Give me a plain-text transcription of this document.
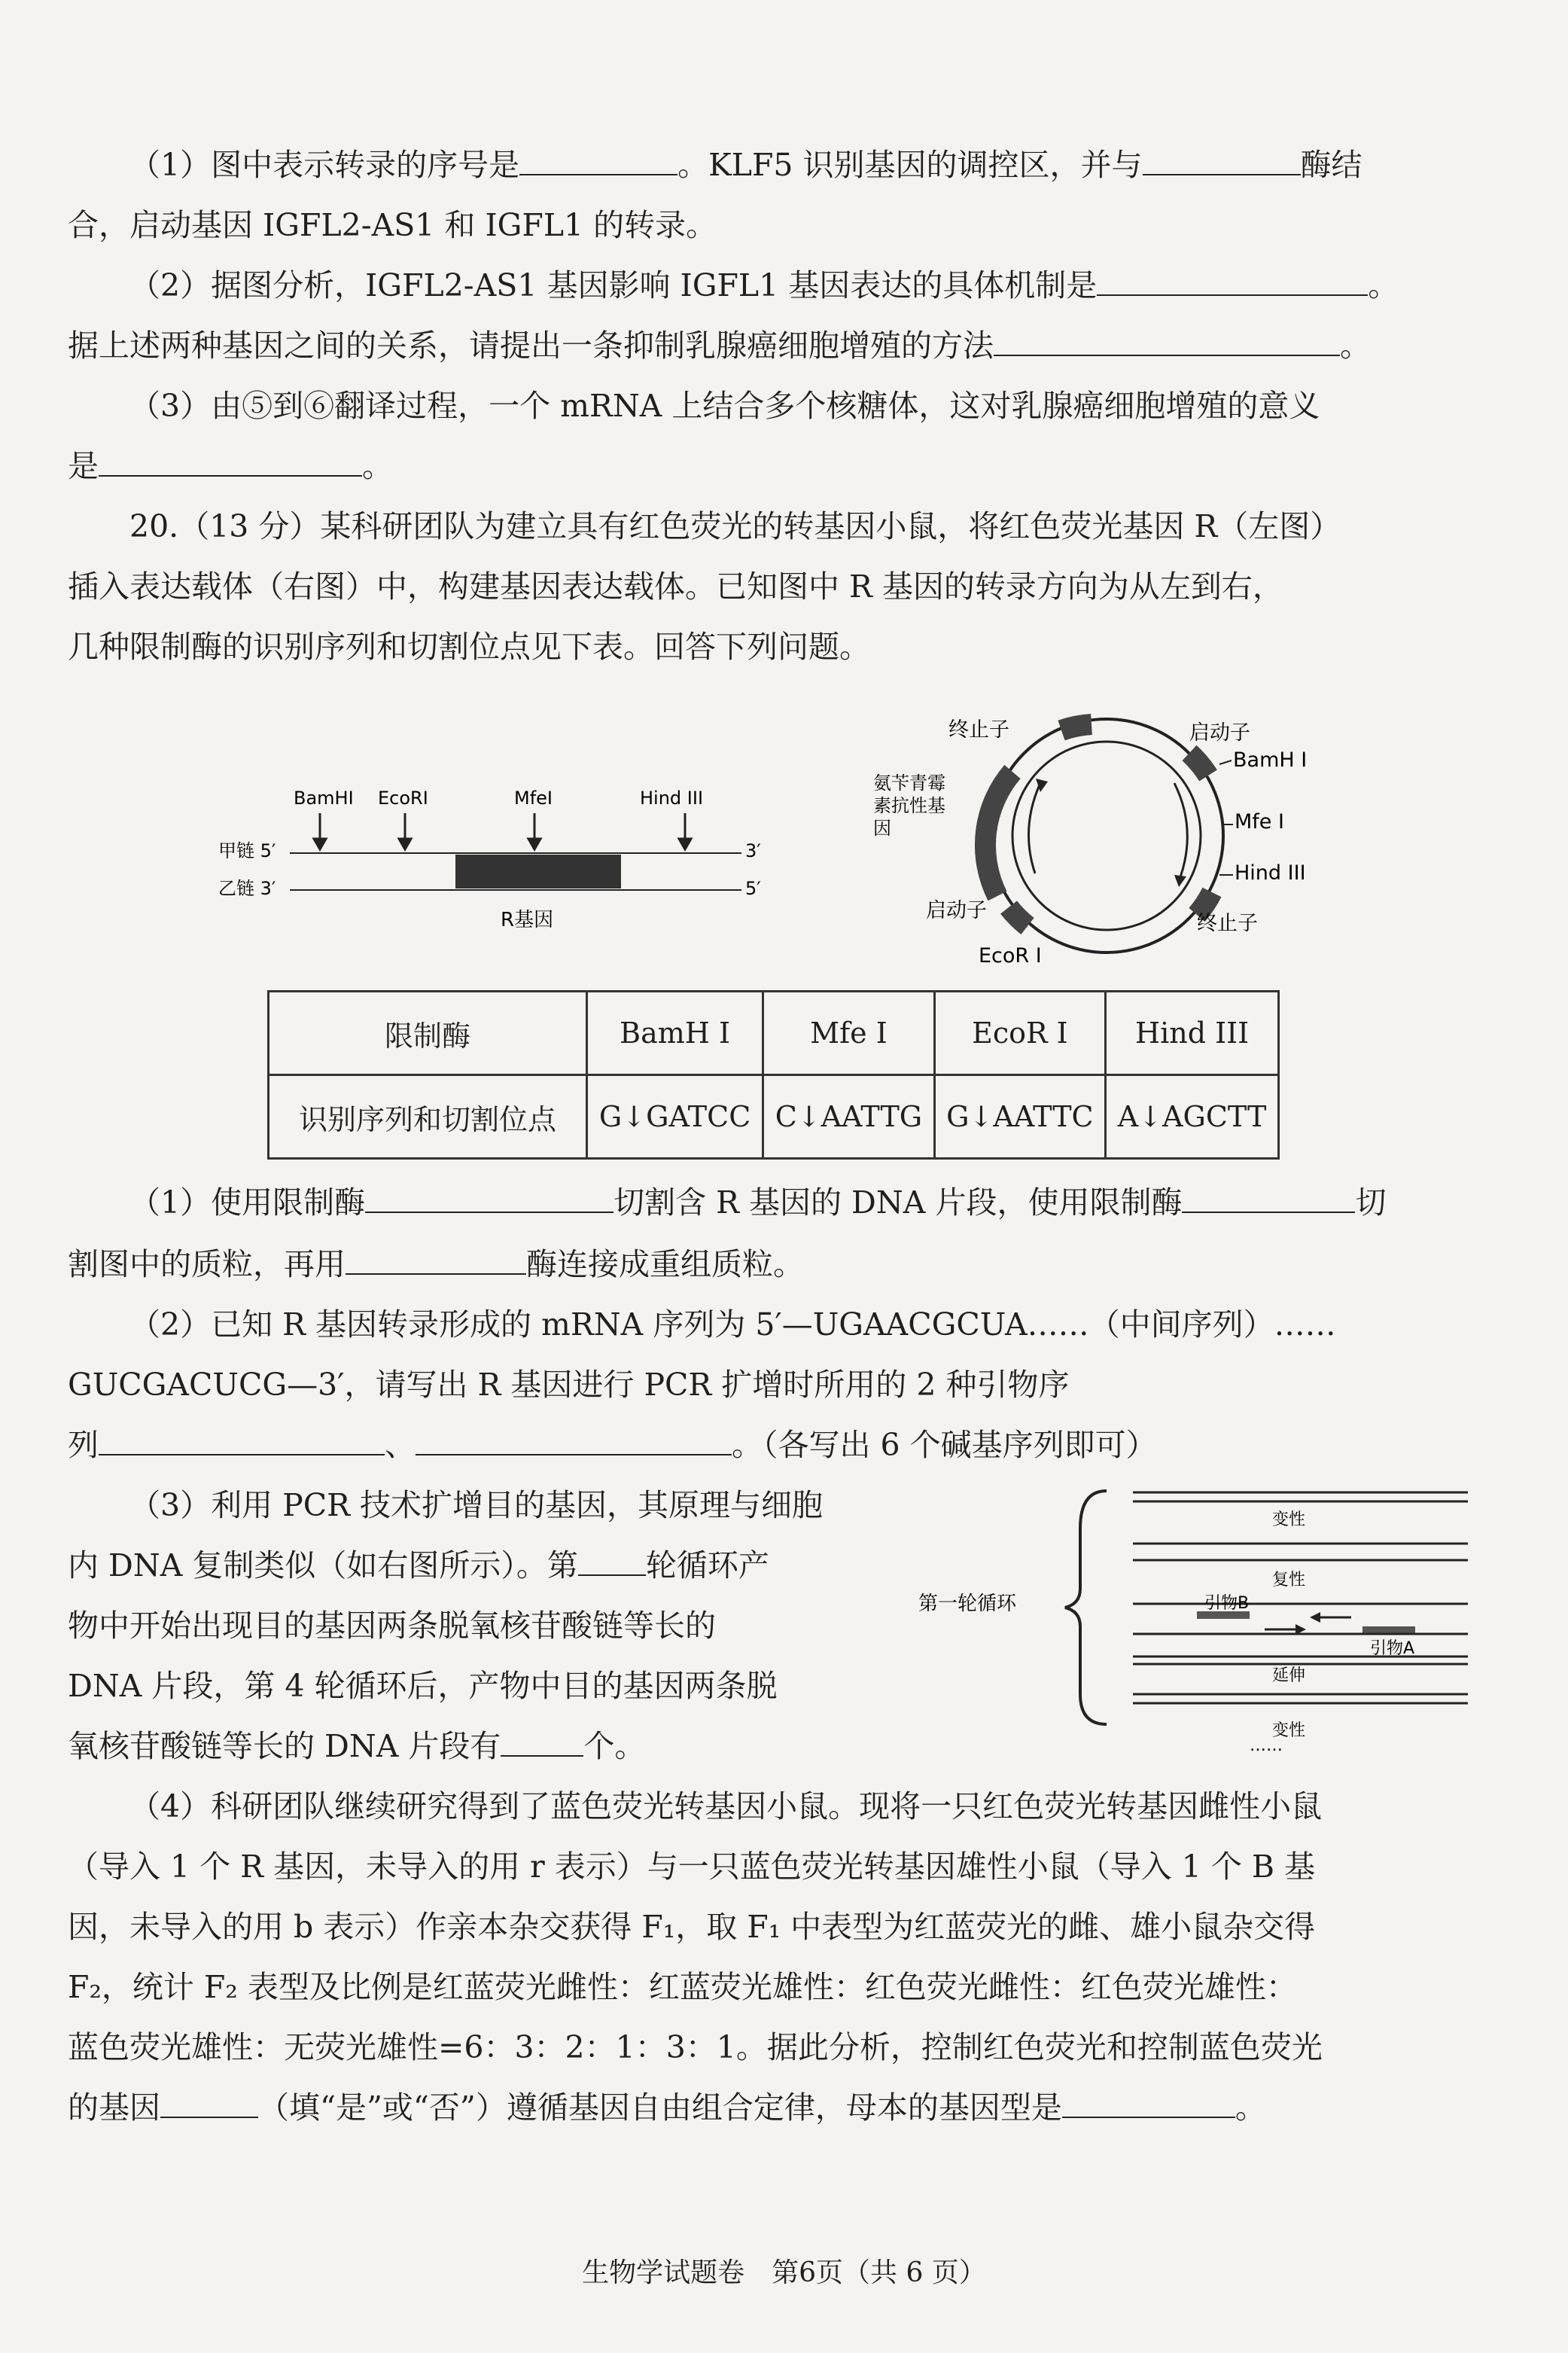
（1）图中表示转录的序号是	。KLF5 识别基因的调控区，并与	酶结
合，启动基因 IGFL2-AS1 和 IGFL1 的转录。
（2）据图分析，IGFL2-AS1 基因影响 IGFL1 基因表达的具体机制是	。
据上述两种基因之间的关系，请提出一条抑制乳腺癌细胞增殖的方法	。
（3）由⑤到⑥翻译过程，一个 mRNA 上结合多个核糖体，这对乳腺癌细胞增殖的意义
是	。
20.（13 分）某科研团队为建立具有红色荧光的转基因小鼠，将红色荧光基因 R（左图）
插入表达载体（右图）中，构建基因表达载体。已知图中 R 基因的转录方向为从左到右，
几种限制酶的识别序列和切割位点见下表。回答下列问题。
BamHI EcoRI	MfeI	Hind III
甲链 5′
乙链 3′
3′
5′
R基因
终止子	启动子
BamH I
Mfe I
Hind III
终止子
启动子
EcoR I
氨苄青霉
素抗性基
因
限制酶	BamH I	Mfe I	EcoR I	Hind III
识别序列和切割位点	G↓GATCC	C↓AATTG	G↓AATTC	A↓AGCTT
（1）使用限制酶	切割含 R 基因的 DNA 片段，使用限制酶	切
割图中的质粒，再用	酶连接成重组质粒。
（2）已知 R 基因转录形成的 mRNA 序列为 5′—UGAACGCUA……（中间序列）……
GUCGACUCG—3′，请写出 R 基因进行 PCR 扩增时所用的 2 种引物序
列	、	。（各写出 6 个碱基序列即可）
（3）利用 PCR 技术扩增目的基因，其原理与细胞
内 DNA 复制类似（如右图所示）。第 轮循环产
物中开始出现目的基因两条脱氧核苷酸链等长的
DNA 片段，第 4 轮循环后，产物中目的基因两条脱
氧核苷酸链等长的 DNA 片段有	个。
第一轮循环	引物B
引物A
变性
复性
延伸
变性
……
（4）科研团队继续研究得到了蓝色荧光转基因小鼠。现将一只红色荧光转基因雌性小鼠
（导入 1 个 R 基因，未导入的用 r 表示）与一只蓝色荧光转基因雄性小鼠（导入 1 个 B 基
因，未导入的用 b 表示）作亲本杂交获得 F₁，取 F₁ 中表型为红蓝荧光的雌、雄小鼠杂交得
F₂，统计 F₂ 表型及比例是红蓝荧光雌性：红蓝荧光雄性：红色荧光雌性：红色荧光雄性：
蓝色荧光雄性：无荧光雄性=6：3：2：1：3：1。据此分析，控制红色荧光和控制蓝色荧光
的基因	（填“是”或“否”）遵循基因自由组合定律，母本的基因型是	。
生物学试题卷　第6页（共 6 页）
